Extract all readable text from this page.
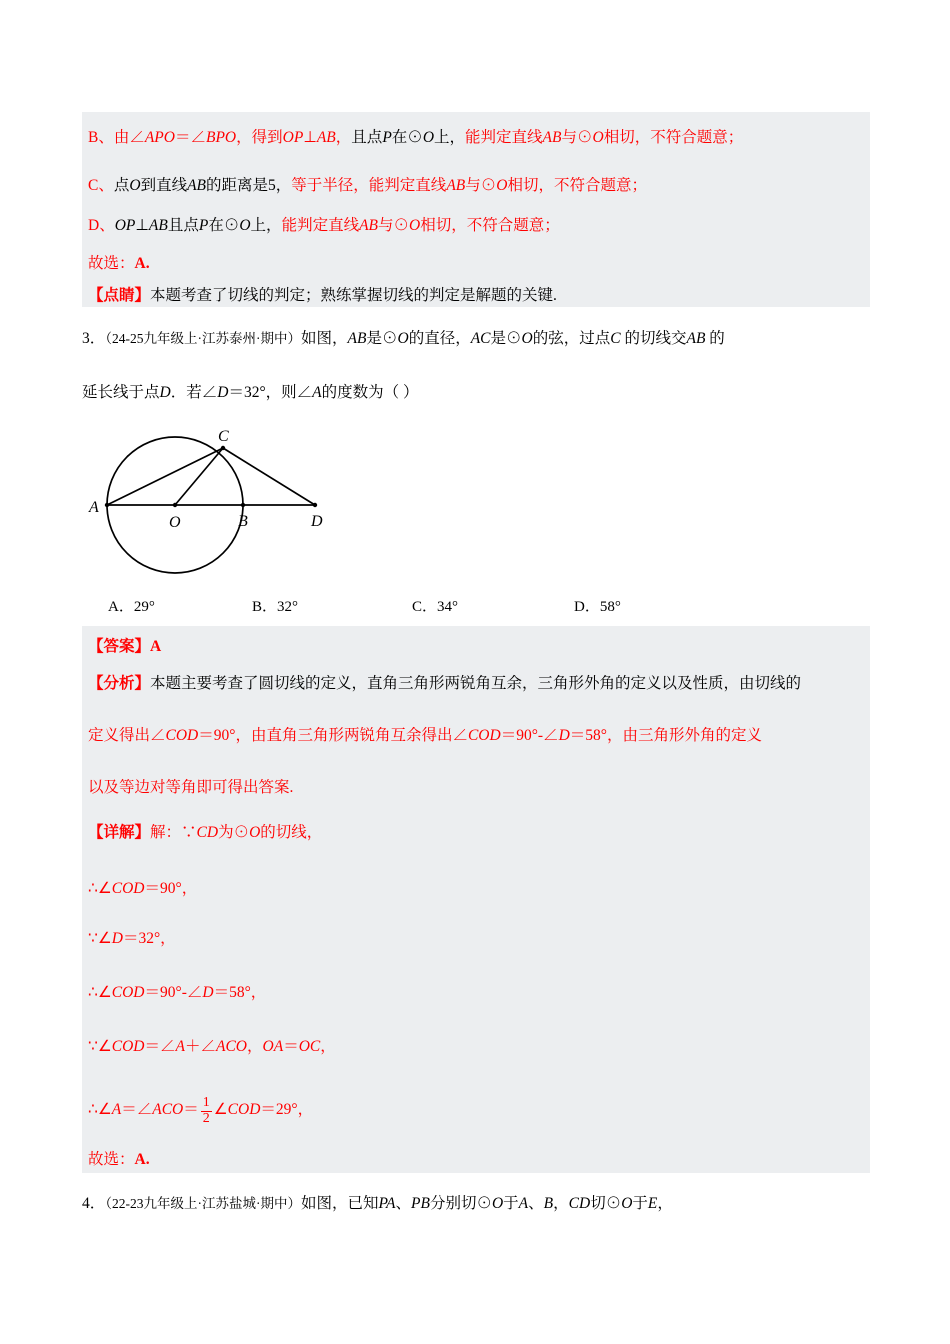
B、由∠APO＝∠BPO，得到OP⊥AB，且点P在⊙O上，能判定直线AB与⊙O相切，不符合题意；
C、点O到直线AB的距离是5，等于半径，能判定直线AB与⊙O相切，不符合题意；
D、OP⊥AB且点P在⊙O上，能判定直线AB与⊙O相切，不符合题意；
故选：A.
【点睛】本题考查了切线的判定；熟练掌握切线的判定是解题的关键.
3．（24-25九年级上·江苏泰州·期中）如图，AB是⊙O的直径，AC是⊙O的弦，过点C 的切线交AB 的
延长线于点D．若∠D＝32°，则∠A的度数为（ ）
A
O	B	D
C
A．29°	B．32°	C．34°	D．58°
【答案】A
【分析】本题主要考查了圆切线的定义，直角三角形两锐角互余，三角形外角的定义以及性质，由切线的
定义得出∠COD＝90°，由直角三角形两锐角互余得出∠COD＝90°-∠D＝58°，由三角形外角的定义
以及等边对等角即可得出答案.
【详解】解：∵CD为⊙O的切线，
∴∠COD＝90°，
∵∠D＝32°，
∴∠COD＝90°-∠D＝58°，
∵∠COD＝∠A＋∠ACO，OA＝OC，
∴∠A＝∠ACO＝ $\frac{1}{2}$ ∠COD＝29°，
故选：A.
4．（22-23九年级上·江苏盐城·期中）如图，已知PA、PB分别切⊙O于A、B，CD切⊙O于E，
